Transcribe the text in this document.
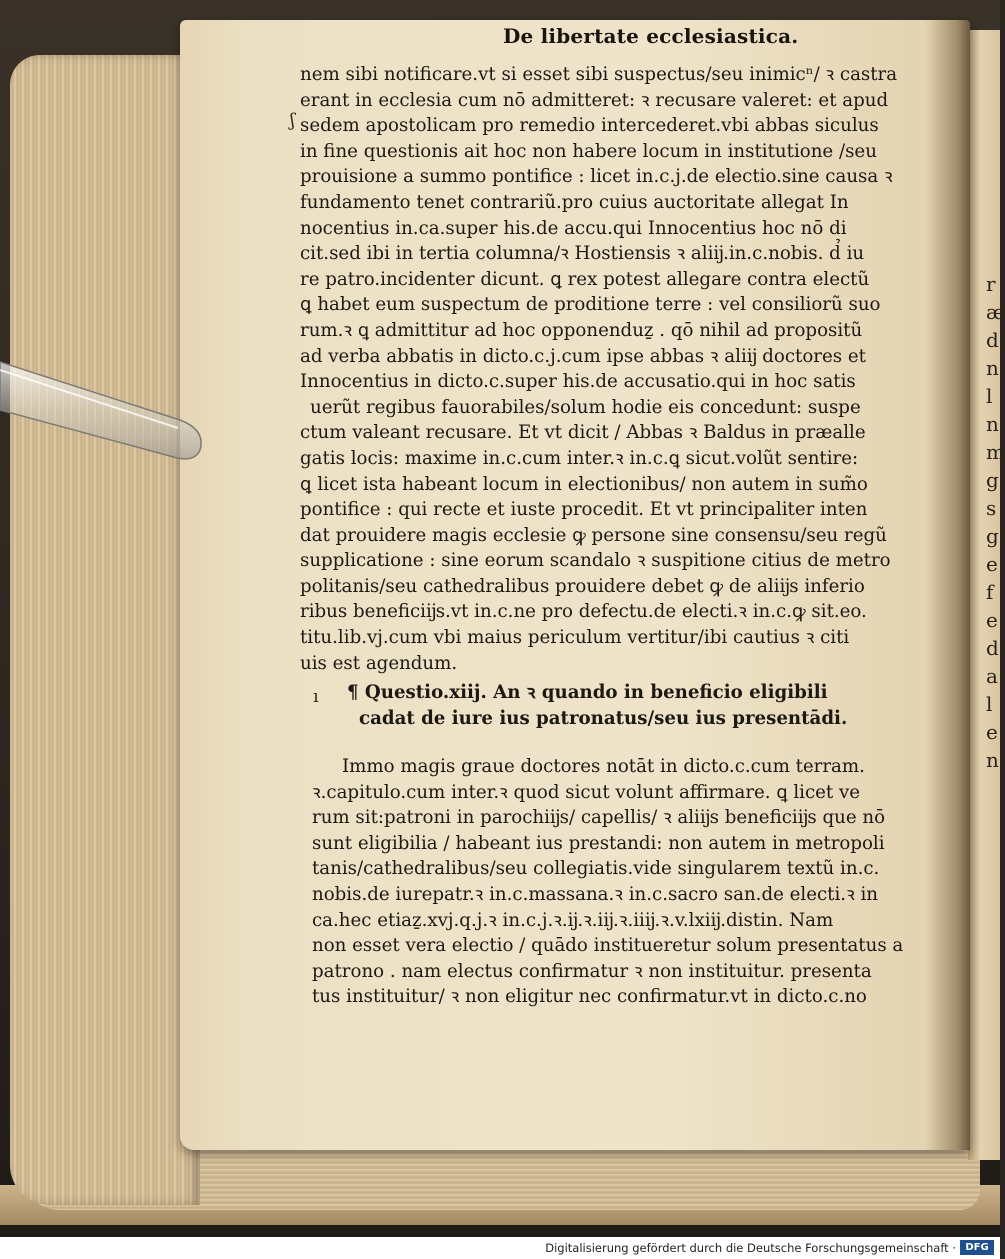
rædnlnmgsgefedalen
De libertate ecclesiastica.
ʃ
ı
nem sibi notificare.vt si esset sibi suspectus/seu inimicⁿ/ ꝛ castra
erant in ecclesia cum nō admitteret: ꝛ recusare valeret: et apud
sedem apostolicam pro remedio intercederet.vbi abbas siculus
in fine questionis ait hoc non habere locum in institutione /seu
prouisione a summo pontifice : licet in.c.j.de electio.sine causa ꝛ
fundamento tenet contrariũ.pro cuius auctoritate allegat In
nocentius in.ca.super his.de accu.qui Innocentius hoc nō di
cit.sed ibi in tertia columna/ꝛ Hostiensis ꝛ aliĳ.in.c.nobis. d̉ iu
re patro.incidenter dicunt. ꝗ rex potest allegare contra electũ
ꝗ habet eum suspectum de proditione terre : vel consiliorũ suo
rum.ꝛ ꝗ admittitur ad hoc opponenduẕ . qō nihil ad propositũ
ad verba abbatis in dicto.c.j.cum ipse abbas ꝛ aliĳ doctores et
Innocentius in dicto.c.super his.de accusatio.qui in hoc satis
uerũt regibus fauorabiles/solum hodie eis concedunt: suspe
ctum valeant recusare. Et vt dicit / Abbas ꝛ Baldus in præalle
gatis locis: maxime in.c.cum inter.ꝛ in.c.ꝗ sicut.volũt sentire:
ꝗ licet ista habeant locum in electionibus/ non autem in sum̃o
pontifice : qui recte et iuste procedit. Et vt principaliter inten
dat prouidere magis ecclesie ꝙ persone sine consensu/seu regũ
supplicatione : sine eorum scandalo ꝛ suspitione citius de metro
politanis/seu cathedralibus prouidere debet ꝙ de aliĳs inferio
ribus beneficiĳs.vt in.c.ne pro defectu.de electi.ꝛ in.c.ꝙ sit.eo.
titu.lib.vj.cum vbi maius periculum vertitur/ibi cautius ꝛ citi
uis est agendum.
¶ Questio.xiij. An ꝛ quando in beneficio eligibili
cadat de iure ius patronatus/seu ius presentādi.
Immo magis graue doctores notāt in dicto.c.cum terram.
ꝛ.capitulo.cum inter.ꝛ quod sicut volunt affirmare. ꝗ licet ve
rum sit:patroni in parochiĳs/ capellis/ ꝛ aliĳs beneficiĳs que nō
sunt eligibilia / habeant ius prestandi: non autem in metropoli
tanis/cathedralibus/seu collegiatis.vide singularem textũ in.c.
nobis.de iurepatr.ꝛ in.c.massana.ꝛ in.c.sacro san.de electi.ꝛ in
ca.hec etiaẕ.xvj.q.j.ꝛ in.c.j.ꝛ.ĳ.ꝛ.iĳ.ꝛ.iiĳ.ꝛ.v.lxiĳ.distin. Nam
non esset vera electio / quādo institueretur solum presentatus a
patrono . nam electus confirmatur ꝛ non instituitur. presenta
tus instituitur/ ꝛ non eligitur nec confirmatur.vt in dicto.c.no
Digitalisierung gefördert durch die Deutsche Forschungsgemeinschaft · DFG
